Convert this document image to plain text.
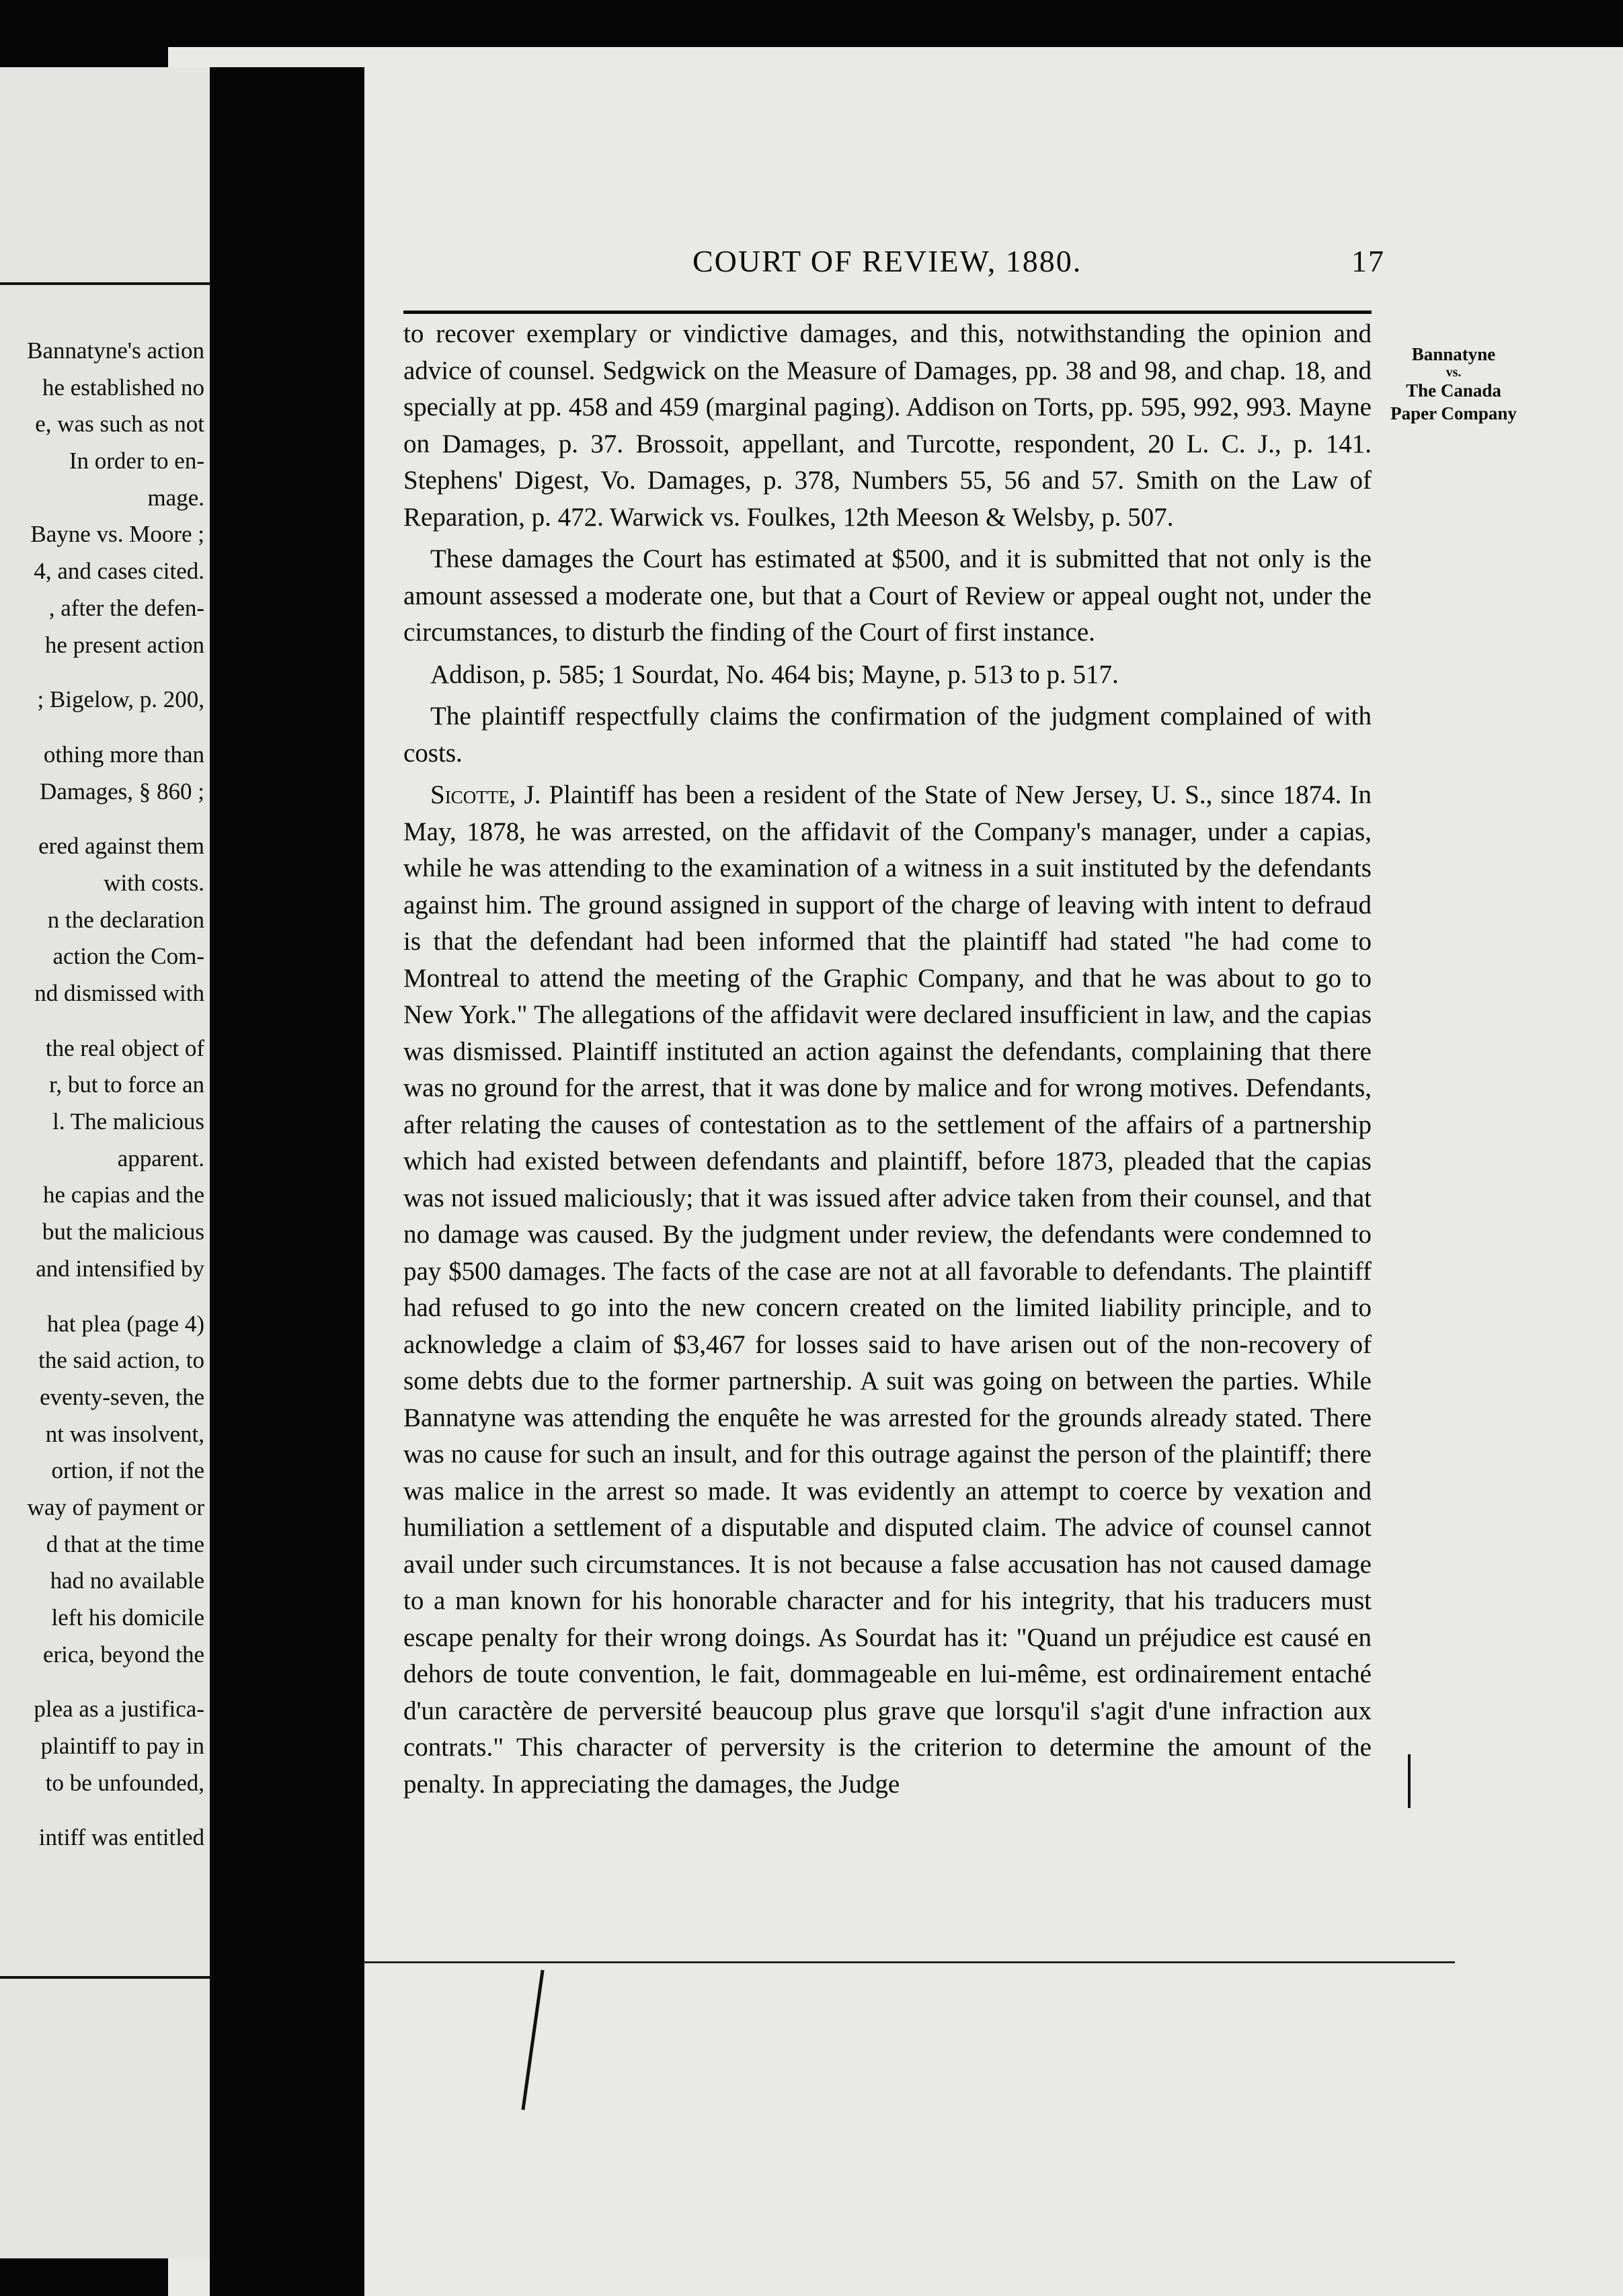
Bannatyne's action
he established no
e, was such as not
In order to en-
mage.
Bayne vs. Moore ;
4, and cases cited.
, after the defen-
he present action
; Bigelow, p. 200,
othing more than
Damages, § 860 ;
ered against them
with costs.
n the declaration
action the Com-
nd dismissed with
the real object of
r, but to force an
l. The malicious
apparent.
he capias and the
but the malicious
and intensified by
hat plea (page 4)
the said action, to
eventy-seven, the
nt was insolvent,
ortion, if not the
way of payment or
d that at the time
had no available
left his domicile
erica, beyond the
plea as a justifica-
plaintiff to pay in
to be unfounded,
intiff was entitled
COURT OF REVIEW, 1880.	17
Bannatyne
vs.
The Canada
Paper Company

to recover exemplary or vindictive damages, and this, notwithstanding the opinion and advice of counsel. Sedgwick on the Measure of Damages, pp. 38 and 98, and chap. 18, and specially at pp. 458 and 459 (marginal paging). Addison on Torts, pp. 595, 992, 993. Mayne on Damages, p. 37. Brossoit, appellant, and Turcotte, respondent, 20 L. C. J., p. 141. Stephens' Digest, Vo. Damages, p. 378, Numbers 55, 56 and 57. Smith on the Law of Reparation, p. 472. Warwick vs. Foulkes, 12th Meeson & Welsby, p. 507.

These damages the Court has estimated at $500, and it is submitted that not only is the amount assessed a moderate one, but that a Court of Review or appeal ought not, under the circumstances, to disturb the finding of the Court of first instance.

Addison, p. 585; 1 Sourdat, No. 464 bis; Mayne, p. 513 to p. 517.

The plaintiff respectfully claims the confirmation of the judgment complained of with costs.

Sicotte, J. Plaintiff has been a resident of the State of New Jersey, U. S., since 1874. In May, 1878, he was arrested, on the affidavit of the Company's manager, under a capias, while he was attending to the examination of a witness in a suit instituted by the defendants against him. The ground assigned in support of the charge of leaving with intent to defraud is that the defendant had been informed that the plaintiff had stated "he had come to Montreal to attend the meeting of the Graphic Company, and that he was about to go to New York." The allegations of the affidavit were declared insufficient in law, and the capias was dismissed. Plaintiff instituted an action against the defendants, complaining that there was no ground for the arrest, that it was done by malice and for wrong motives. Defendants, after relating the causes of contestation as to the settlement of the affairs of a partnership which had existed between defendants and plaintiff, before 1873, pleaded that the capias was not issued maliciously; that it was issued after advice taken from their counsel, and that no damage was caused. By the judgment under review, the defendants were condemned to pay $500 damages. The facts of the case are not at all favorable to defendants. The plaintiff had refused to go into the new concern created on the limited liability principle, and to acknowledge a claim of $3,467 for losses said to have arisen out of the non-recovery of some debts due to the former partnership. A suit was going on between the parties. While Bannatyne was attending the enquête he was arrested for the grounds already stated. There was no cause for such an insult, and for this outrage against the person of the plaintiff; there was malice in the arrest so made. It was evidently an attempt to coerce by vexation and humiliation a settlement of a disputable and disputed claim. The advice of counsel cannot avail under such circumstances. It is not because a false accusation has not caused damage to a man known for his honorable character and for his integrity, that his traducers must escape penalty for their wrong doings. As Sourdat has it: "Quand un préjudice est causé en dehors de toute convention, le fait, dommageable en lui-même, est ordinairement entaché d'un caractère de perversité beaucoup plus grave que lorsqu'il s'agit d'une infraction aux contrats." This character of perversity is the criterion to determine the amount of the penalty. In appreciating the damages, the Judge
